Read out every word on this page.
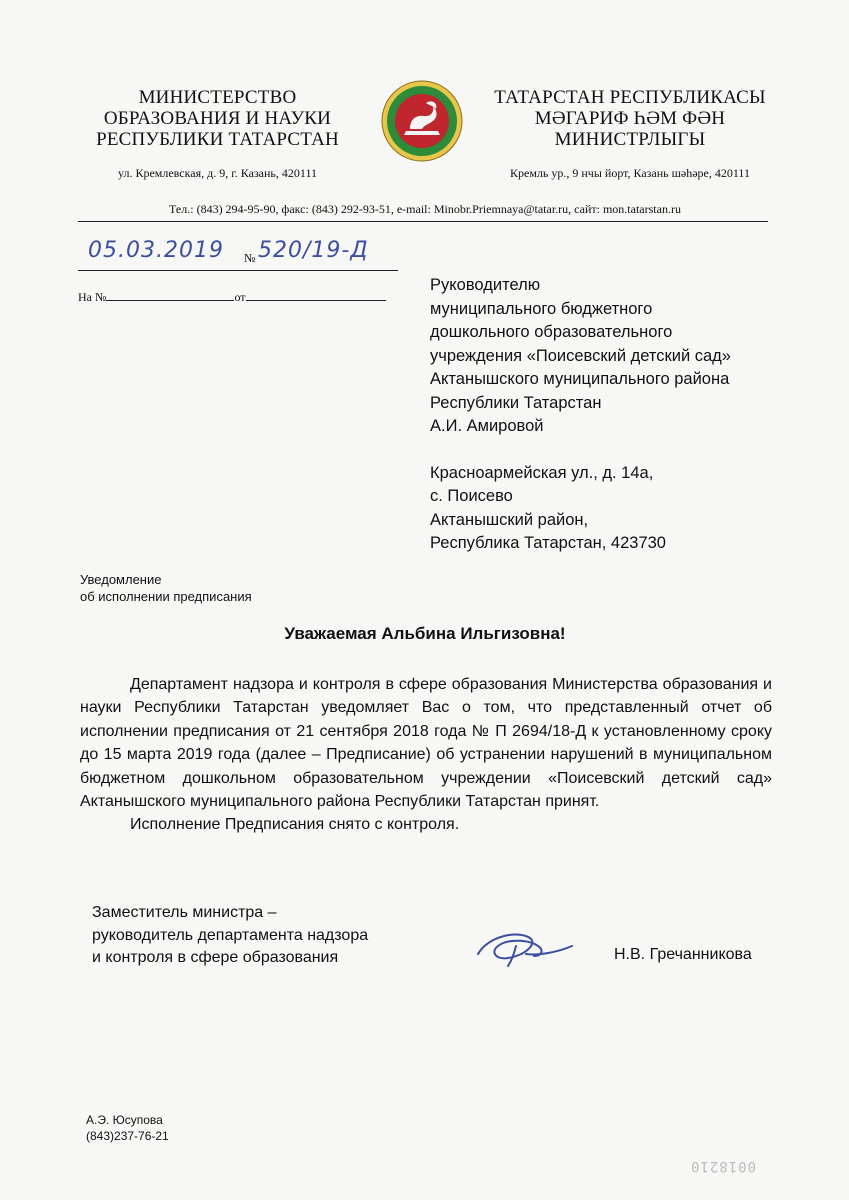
МИНИСТЕРСТВО
ОБРАЗОВАНИЯ И НАУКИ
РЕСПУБЛИКИ ТАТАРСТАН
ТАТАРСТАН РЕСПУБЛИКАСЫ
МӘГАРИФ ҺӘМ ФӘН
МИНИСТРЛЫГЫ
ул. Кремлевская, д. 9, г. Казань, 420111	Кремль ур., 9 нчы йорт, Казань шәһәре, 420111
Тел.: (843) 294-95-90, факс: (843) 292-93-51, e-mail: Minobr.Priemnaya@tatar.ru, сайт: mon.tatarstan.ru
05.03.2019 № 520/19-Д
На №	от
Руководителю
муниципального бюджетного
дошкольного образовательного
учреждения «Поисевский детский сад»
Актанышского муниципального района
Республики Татарстан
А.И. Амировой
Красноармейская ул., д. 14а,
с. Поисево
Актанышский район,
Республика Татарстан, 423730
Уведомление
об исполнении предписания
Уважаемая Альбина Ильгизовна!

Департамент надзора и контроля в сфере образования Министерства образования и науки Республики Татарстан уведомляет Вас о том, что представленный отчет об исполнении предписания от 21 сентября 2018 года № П 2694/18-Д к установленному сроку до 15 марта 2019 года (далее – Предписание) об устранении нарушений в муниципальном бюджетном дошкольном образовательном учреждении «Поисевский детский сад» Актанышского муниципального района Республики Татарстан принят.

Исполнение Предписания снято с контроля.

Заместитель министра –
руководитель департамента надзора
и контроля в сфере образования	Н.В. Гречанникова
А.Э. Юсупова
(843)237-76-21
0018210
